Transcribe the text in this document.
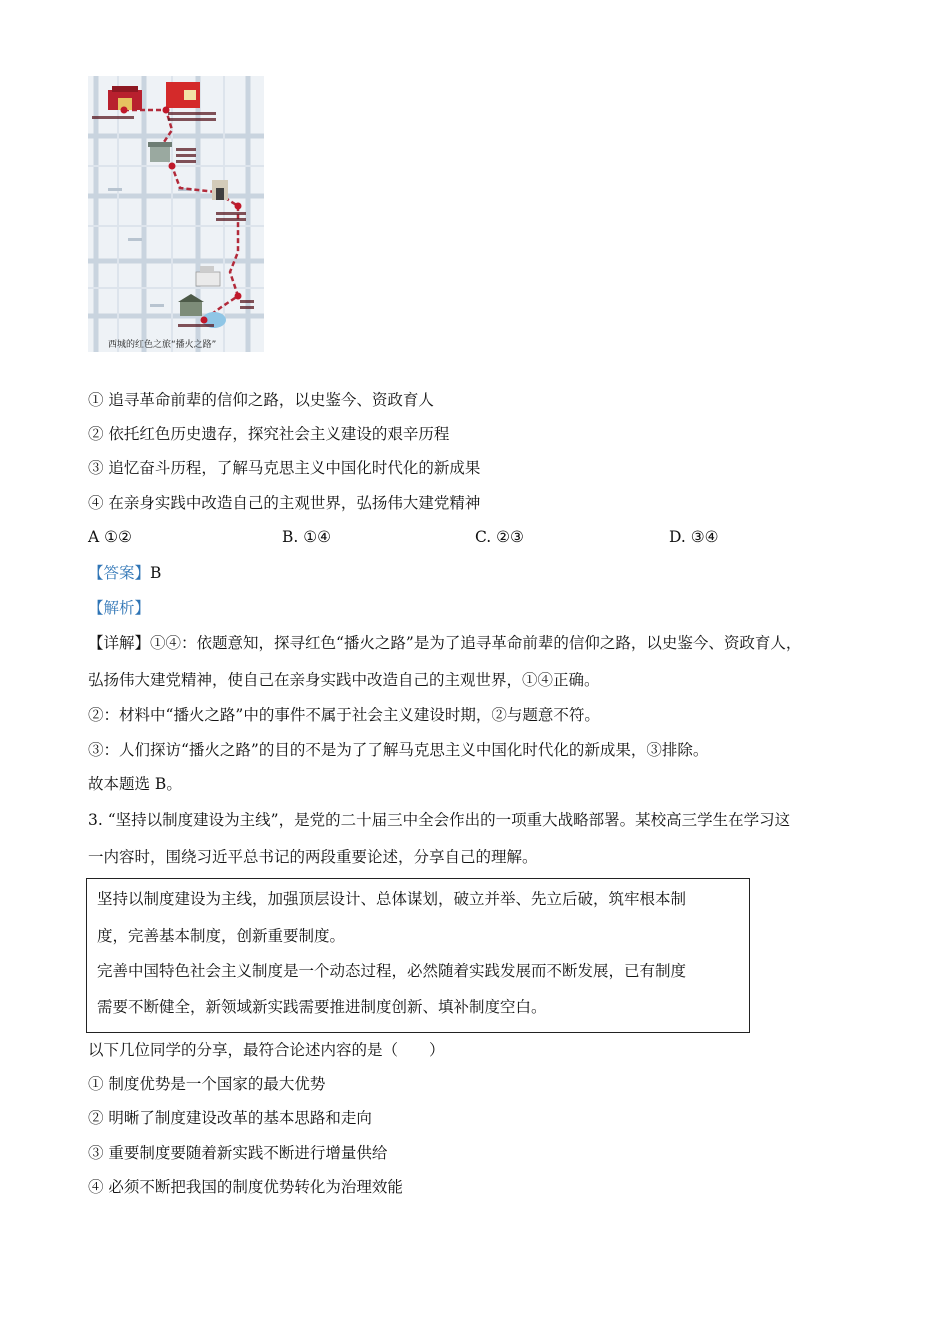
西城的红色之旅“播火之路”
① 追寻革命前辈的信仰之路，以史鉴今、资政育人
② 依托红色历史遗存，探究社会主义建设的艰辛历程
③ 追忆奋斗历程，了解马克思主义中国化时代化的新成果
④ 在亲身实践中改造自己的主观世界，弘扬伟大建党精神
A ①②	B. ①④	C. ②③	D. ③④
【答案】B
【解析】
【详解】①④：依题意知，探寻红色“播火之路”是为了追寻革命前辈的信仰之路，以史鉴今、资政育人，
弘扬伟大建党精神，使自己在亲身实践中改造自己的主观世界，①④正确。
②：材料中“播火之路”中的事件不属于社会主义建设时期，②与题意不符。
③：人们探访“播火之路”的目的不是为了了解马克思主义中国化时代化的新成果，③排除。
故本题选 B。
3. “坚持以制度建设为主线”，是党的二十届三中全会作出的一项重大战略部署。某校高三学生在学习这
一内容时，围绕习近平总书记的两段重要论述，分享自己的理解。
坚持以制度建设为主线，加强顶层设计、总体谋划，破立并举、先立后破，筑牢根本制
度，完善基本制度，创新重要制度。
完善中国特色社会主义制度是一个动态过程，必然随着实践发展而不断发展，已有制度
需要不断健全，新领域新实践需要推进制度创新、填补制度空白。
以下几位同学的分享，最符合论述内容的是（　　）
① 制度优势是一个国家的最大优势
② 明晰了制度建设改革的基本思路和走向
③ 重要制度要随着新实践不断进行增量供给
④ 必须不断把我国的制度优势转化为治理效能
